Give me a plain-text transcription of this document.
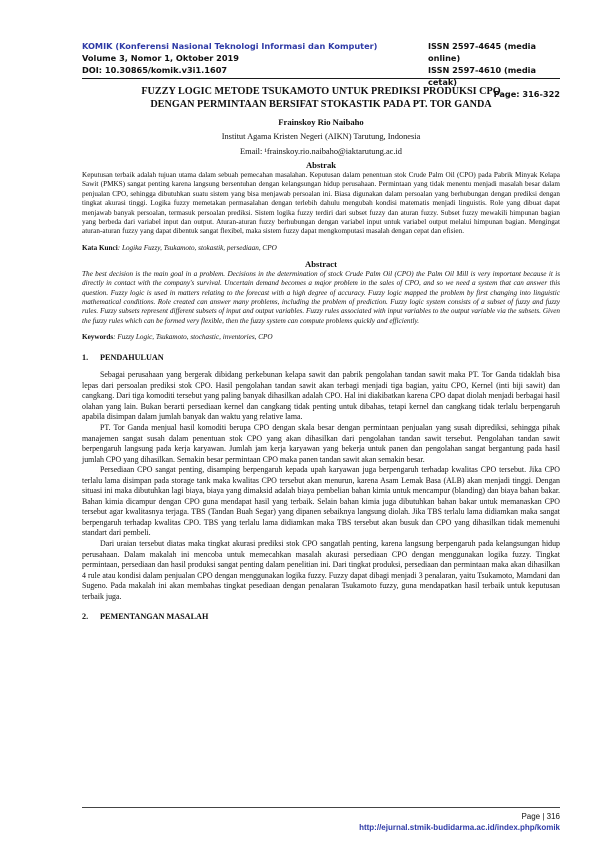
KOMIK (Konferensi Nasional Teknologi Informasi dan Komputer)
Volume 3, Nomor 1, Oktober 2019
DOI: 10.30865/komik.v3i1.1607
ISSN 2597-4645 (media online)
ISSN 2597-4610 (media cetak)
Page: 316-322

FUZZY LOGIC METODE TSUKAMOTO UNTUK PREDIKSI PRODUKSI CPO
DENGAN PERMINTAAN BERSIFAT STOKASTIK PADA PT. TOR GANDA

Frainskoy Rio Naibaho
Institut Agama Kristen Negeri (AIKN) Tarutung, Indonesia
Email: ¹frainskoy.rio.naibaho@iaktarutung.ac.id
Abstrak

Keputusan terbaik adalah tujuan utama dalam sebuah pemecahan masalahan. Keputusan dalam penentuan stok Crude Palm Oil (CPO) pada Pabrik Minyak Kelapa Sawit (PMKS) sangat penting karena langsung bersentuhan dengan kelangsungan hidup perusahaan. Permintaan yang tidak menentu menjadi masalah besar dalam penjualan CPO, sehingga dibutuhkan suatu sistem yang bisa menjawab persoalan ini. Biasa digunakan dalam persoalan yang berhubungan dengan prediksi dengan tingkat akurasi tinggi. Logika fuzzy memetakan permasalahan dengan terlebih dahulu mengubah kondisi matematis menjadi linguistis. Role yang dibuat dapat menjawab banyak persoalan, termasuk persoalan prediksi. Sistem logika fuzzy terdiri dari subset fuzzy dan aturan fuzzy. Subset fuzzy mewakili himpunan bagian yang berbeda dari variabel input dan output. Aturan-aturan fuzzy berhubungan dengan variabel input untuk variabel output melalui himpunan bagian. Mengingat aturan-aturan fuzzy yang dapat dibentuk sangat flexibel, maka sistem fuzzy dapat mengkomputasi masalah dengan cepat dan efisien.

Kata Kunci: Logika Fuzzy, Tsukamoto, stokastik, persediaan, CPO
Abstract

The best decision is the main goal in a problem. Decisions in the determination of stock Crude Palm Oil (CPO) the Palm Oil Mill is very important because it is directly in contact with the company's survival. Uncertain demand becomes a major problem in the sales of CPO, and so we need a system that can answer this question. Fuzzy logic is used in matters relating to the forecast with a high degree of accuracy. Fuzzy logic mapped the problem by first changing into linguistic mathematical conditions. Role created can answer many problems, including the problem of prediction. Fuzzy logic system consists of a subset of fuzzy and fuzzy rules. Fuzzy subsets represent different subsets of input and output variables. Fuzzy rules associated with input variables to the output variable via the subsets. Given the fuzzy rules which can be formed very flexible, then the fuzzy system can compute problems quickly and efficiently.

Keywords: Fuzzy Logic, Tsukamoto, stochastic, inventories, CPO
1. PENDAHULUAN

Sebagai perusahaan yang bergerak dibidang perkebunan kelapa sawit dan pabrik pengolahan tandan sawit maka PT. Tor Ganda tidaklah bisa lepas dari persoalan prediksi stok CPO. Hasil pengolahan tandan sawit akan terbagi menjadi tiga bagian, yaitu CPO, Kernel (inti biji sawit) dan cangkang. Dari tiga komoditi tersebut yang paling banyak dihasilkan adalah CPO. Hal ini diakibatkan karena CPO dapat diolah menjadi berbagai hasil olahan yang lain. Bukan berarti persediaan kernel dan cangkang tidak penting untuk dibahas, tetapi kernel dan cangkang tidak terlalu berpengaruh apabila disimpan dalam jumlah banyak dan waktu yang relative lama.

PT. Tor Ganda menjual hasil komoditi berupa CPO dengan skala besar dengan permintaan penjualan yang susah diprediksi, sehingga pihak manajemen sangat susah dalam penentuan stok CPO yang akan dihasilkan dari pengolahan tandan sawit tersebut. Pengolahan tandan sawit berpengaruh langsung pada kerja karyawan. Jumlah jam kerja karyawan yang bekerja untuk panen dan pengolahan sangat bergantung pada hasil jumlah CPO yang dihasilkan. Semakin besar permintaan CPO maka panen tandan sawit akan semakin besar.

Persediaan CPO sangat penting, disamping berpengaruh kepada upah karyawan juga berpengaruh terhadap kwalitas CPO tersebut. Jika CPO terlalu lama disimpan pada storage tank maka kwalitas CPO tersebut akan menurun, karena Asam Lemak Basa (ALB) akan menjadi tinggi. Dengan situasi ini maka dibutuhkan lagi biaya, biaya yang dimaksid adalah biaya pembelian bahan kimia untuk mencampur (blanding) dan biaya bahan bakar. Bahan kimia dicampur dengan CPO guna mendapat hasil yang terbaik. Selain bahan kimia juga dibutuhkan bahan bakar untuk memanaskan CPO tersebut agar kwalitasnya terjaga. TBS (Tandan Buah Segar) yang dipanen sebaiknya langsung diolah. Jika TBS terlalu lama didiamkan maka sangat berpengaruh terhadap kwalitas CPO. TBS yang terlalu lama didiamkan maka TBS tersebut akan busuk dan CPO yang dihasilkan tidak memenuhi standart dari pembeli.

Dari uraian tersebut diatas maka tingkat akurasi prediksi stok CPO sangatlah penting, karena langsung berpengaruh pada kelangsungan hidup perusahaan. Dalam makalah ini mencoba untuk memecahkan masalah akurasi persediaan CPO dengan menggunakan logika fuzzy. Tingkat permintaan, persediaan dan hasil produksi sangat penting dalam penelitian ini. Dari tingkat produksi, persediaan dan permintaan maka akan dihasilkan 4 rule atau kondisi dalam penjualan CPO dengan menggunakan logika fuzzy. Fuzzy dapat dibagi menjadi 3 penalaran, yaitu Tsukamoto, Mamdani dan Sugeno. Pada makalah ini akan membahas tingkat pesediaan dengan penalaran Tsukamoto fuzzy, guna mendapatkan hasil terbaik untuk keputusan terbaik juga.

2. PEMENTANGAN MASALAH
Page | 316
http://ejurnal.stmik-budidarma.ac.id/index.php/komik
